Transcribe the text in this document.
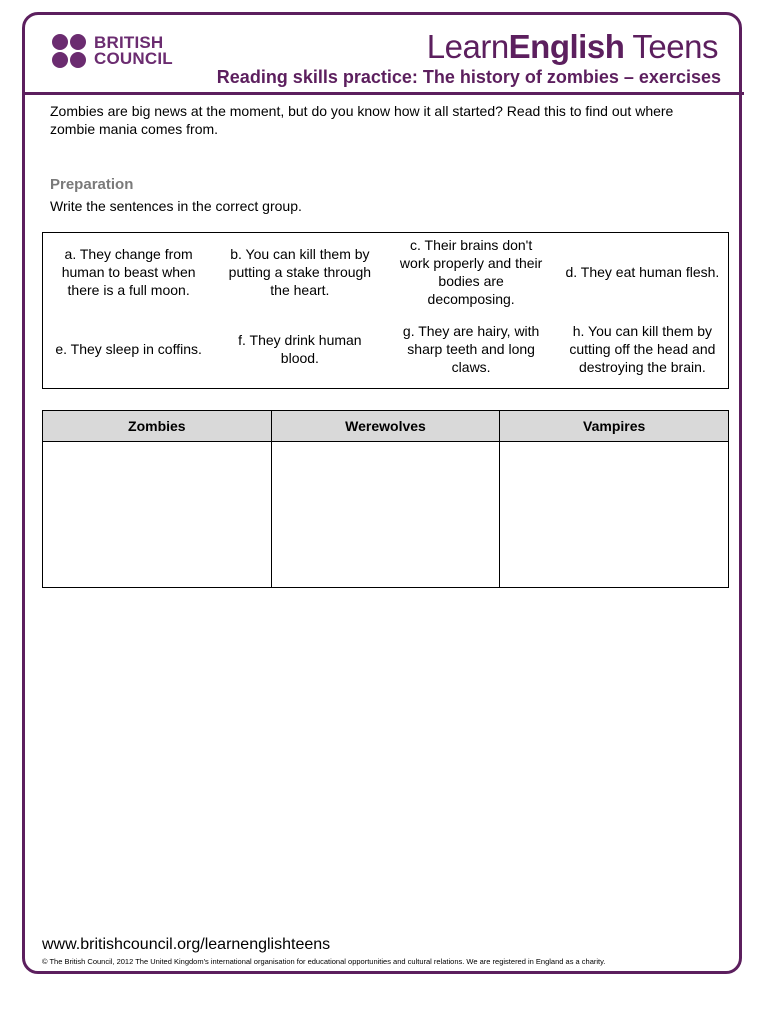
BRITISH
COUNCIL	LearnEnglish Teens
Reading skills practice: The history of zombies – exercises
Zombies are big news at the moment, but do you know how it all started? Read this to find out where zombie mania comes from.
Preparation
Write the sentences in the correct group.
a. They change from human to beast when there is a full moon.
b. You can kill them by putting a stake through the heart.
c. Their brains don't work properly and their bodies are decomposing.
d. They eat human flesh.
e. They sleep in coffins.
f. They drink human blood.
g. They are hairy, with sharp teeth and long claws.
h. You can kill them by cutting off the head and destroying the brain.
Zombies	Werewolves	Vampires

www.britishcouncil.org/learnenglishteens
© The British Council, 2012 The United Kingdom's international organisation for educational opportunities and cultural relations. We are registered in England as a charity.
